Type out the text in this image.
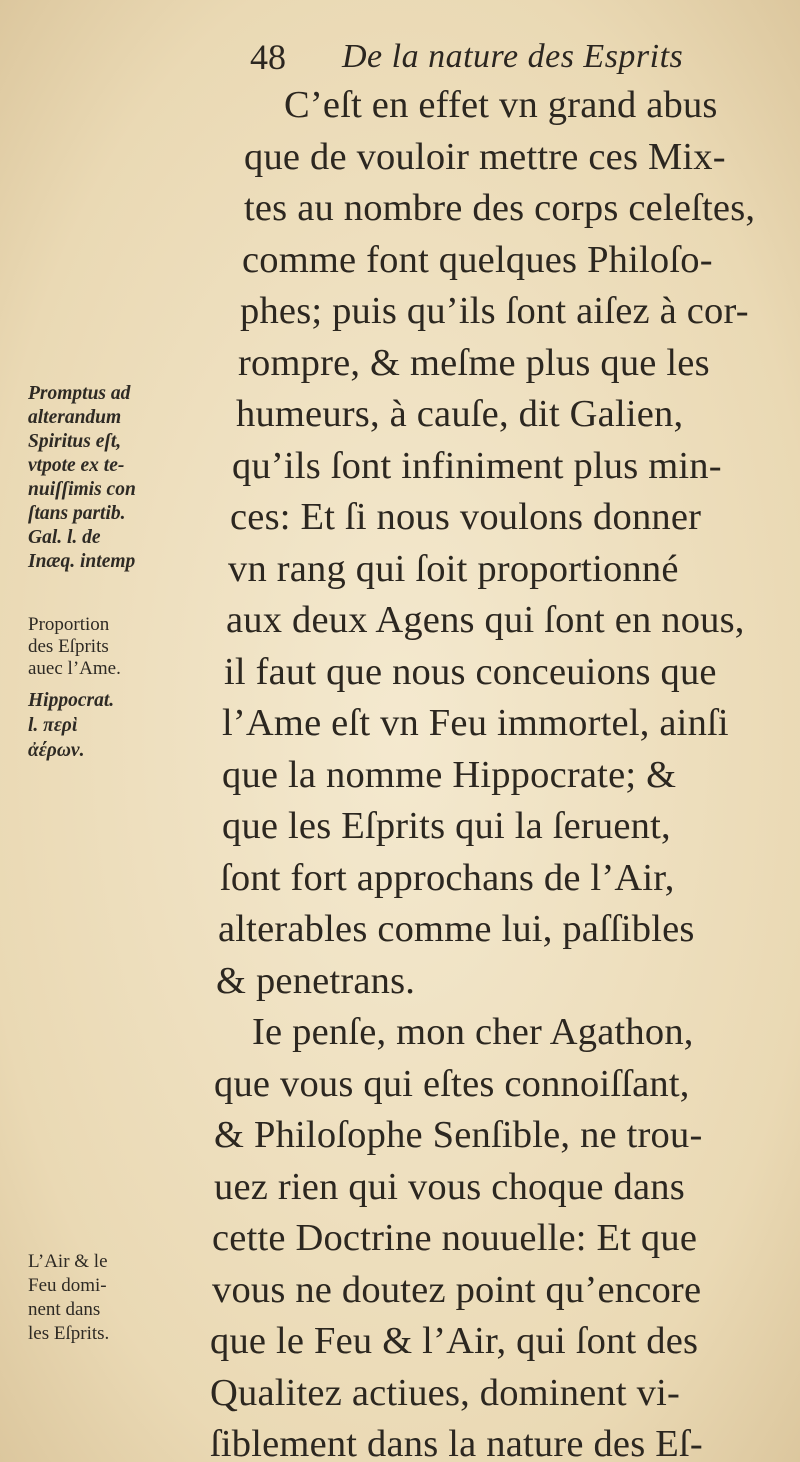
48 De la nature des Esprits
C’eſt en effet vn grand abus
que de vouloir mettre ces Mix-
tes au nombre des corps celeſtes,
comme font quelques Philoſo-
phes; puis qu’ils ſont aiſez à cor-
rompre, & meſme plus que les
humeurs, à cauſe, dit Galien,
qu’ils ſont infiniment plus min-
ces: Et ſi nous voulons donner
vn rang qui ſoit proportionné
aux deux Agens qui ſont en nous,
il faut que nous conceuions que
l’Ame eſt vn Feu immortel, ainſi
que la nomme Hippocrate; &
que les Eſprits qui la ſeruent,
ſont fort approchans de l’Air,
alterables comme lui, paſſibles
& penetrans.
Ie penſe, mon cher Agathon,
que vous qui eſtes connoiſſant,
& Philoſophe Senſible, ne trou-
uez rien qui vous choque dans
cette Doctrine nouuelle: Et que
vous ne doutez point qu’encore
que le Feu & l’Air, qui ſont des
Qualitez actiues, dominent vi-
ſiblement dans la nature des Eſ-
Promptus ad
alterandum
Spiritus eſt,
vtpote ex te-
nuiſſimis con
ſtans partib.
Gal. l. de
Inæq. intemp
Proportion
des Eſprits
auec l’Ame.
Hippocrat.
l. περὶ
ἀέρων.
L’Air & le
Feu domi-
nent dans
les Eſprits.
